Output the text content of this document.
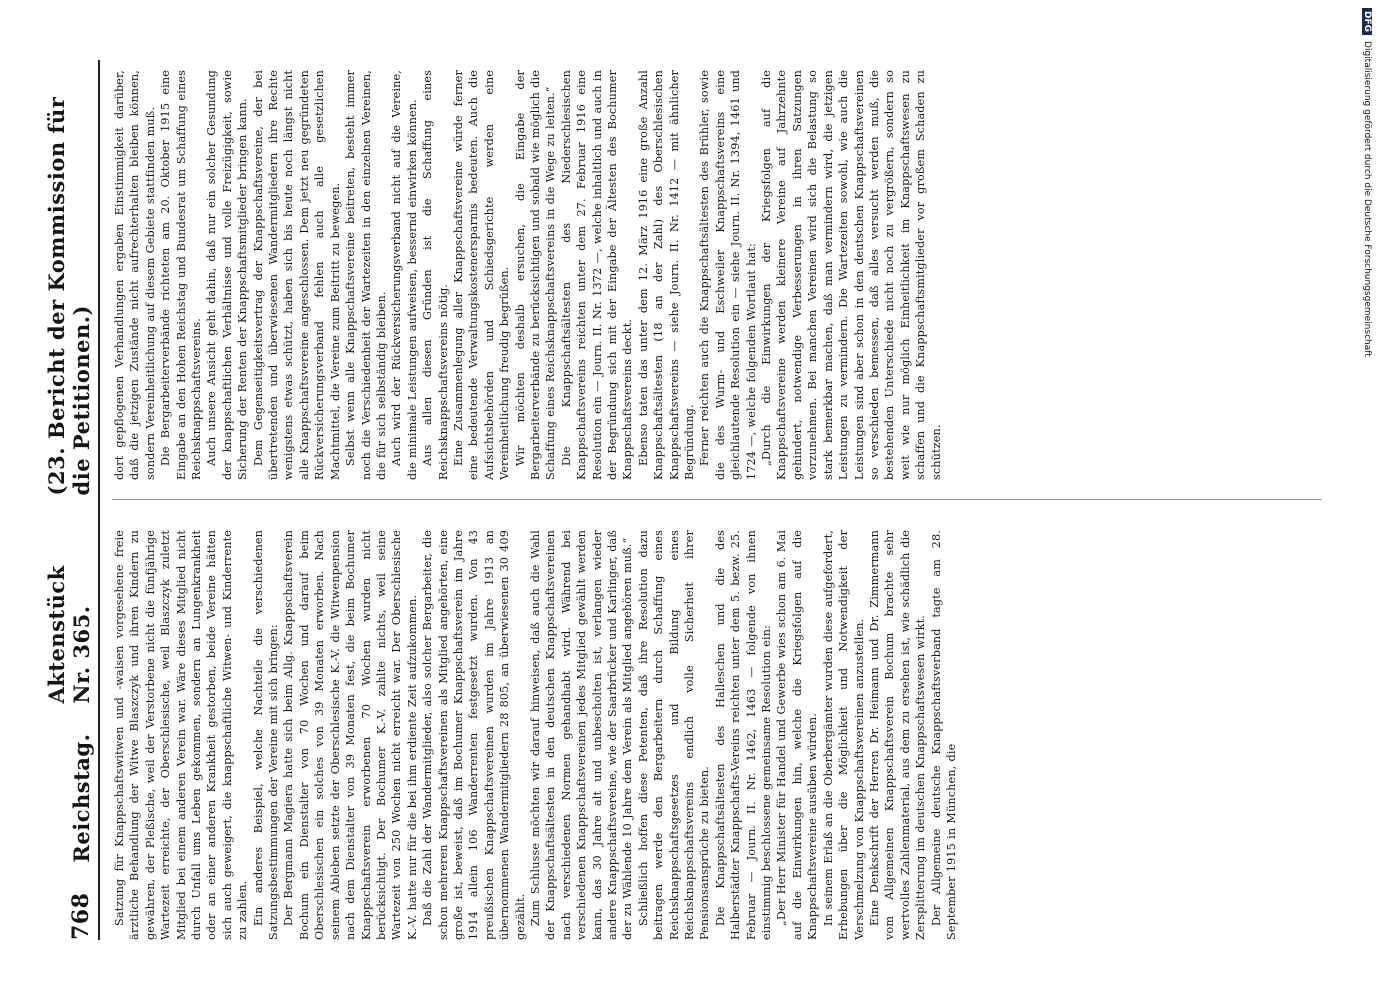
768
Reichstag.
Aktenstück Nr. 365.
(23. Bericht der Kommission für die Petitionen.)

Satzung für Knappschaftswitwen und -waisen vorgesehene freie ärztliche Behandlung der Witwe Blaszczyk und ihren Kindern zu gewähren, der Pleßische, weil der Verstorbene nicht die fünfjährige Wartezeit erreichte, der Oberschlesische, weil Blaszczyk zuletzt Mitglied bei einem anderen Verein war. Wäre dieses Mitglied nicht durch Unfall ums Leben gekommen, sondern an Lungenkrankheit oder an einer anderen Krankheit gestorben, beide Vereine hätten sich auch geweigert, die knappschaftliche Witwen- und Kinderrente zu zahlen. Ein anderes Beispiel, welche Nachteile die verschiedenen Satzungsbestimmungen der Vereine mit sich bringen: Der Bergmann Magiera hatte sich beim Allg. Knappschaftsverein Bochum ein Dienstalter von 70 Wochen und darauf beim Oberschlesischen ein solches von 39 Monaten erworben. Nach seinem Ableben setzte der Oberschlesische K.-V. die Witwenpension nach dem Dienstalter von 39 Monaten fest, die beim Bochumer Knappschaftsverein erworbenen 70 Wochen wurden nicht berücksichtigt. Der Bochumer K.-V. zahlte nichts, weil seine Wartezeit von 250 Wochen nicht erreicht war. Der Oberschlesische K.-V. hatte nur für die bei ihm erdiente Zeit aufzukommen. Daß die Zahl der Wandermitglieder, also solcher Bergarbeiter, die schon mehreren Knappschaftsvereinen als Mitglied angehörten, eine große ist, beweist, daß im Bochumer Knappschaftsverein im Jahre 1914 allein 106 Wanderrenten festgesetzt wurden. Von 43 preußischen Knappschaftsvereinen wurden im Jahre 1913 an übernommenen Wandermitgliedern 28 805, an überwiesenen 30 409 gezählt. Zum Schlusse möchten wir darauf hinweisen, daß auch die Wahl der Knappschaftsältesten in den deutschen Knappschaftsvereinen nach verschiedenen Normen gehandhabt wird. Während bei verschiedenen Knappschaftsvereinen jedes Mitglied gewählt werden kann, das 30 Jahre alt und unbescholten ist, verlangen wieder andere Knappschaftsvereine, wie der Saarbrücker und Karlinger, daß der zu Wählende 10 Jahre dem Verein als Mitglied angehören muß.“ Schließlich hoffen diese Petenten, daß ihre Resolution dazu beitragen werde den Bergarbeitern durch Schaffung eines Reichsknappschaftsgesetzes und Bildung eines Reichsknappschaftsvereins endlich volle Sicherheit ihrer Pensionsansprüche zu bieten. Die Knappschaftsältesten des Halleschen und die des Halberstädter Knappschafts-Vereins reichten unter dem 5. bezw. 25. Februar — Journ. II. Nr. 1462, 1463 — folgende von ihnen einstimmig beschlossene gemeinsame Resolution ein: „Der Herr Minister für Handel und Gewerbe wies schon am 6. Mai auf die Einwirkungen hin, welche die Kriegsfolgen auf die Knappschaftsvereine ausüben würden. In seinem Erlaß an die Oberbergämter wurden diese aufgefordert, Erhebungen über die Möglichkeit und Notwendigkeit der Verschmelzung von Knappschaftsvereinen anzustellen. Eine Denkschrift der Herren Dr. Heimann und Dr. Zimmermann vom Allgemeinen Knappschaftsverein Bochum brachte sehr wertvolles Zahlenmaterial, aus dem zu ersehen ist, wie schädlich die Zersplitterung im deutschen Knappschaftswesen wirkt. Der Allgemeine deutsche Knappschaftsverband tagte am 28. September 1915 in München, die

dort gepflogenen Verhandlungen ergaben Einstimmigkeit darüber, daß die jetzigen Zustände nicht aufrechterhalten bleiben können, sondern Vereinheitlichung auf diesem Gebiete stattfinden muß. Die Bergarbeiterverbände richteten am 20. Oktober 1915 eine Eingabe an den Hohen Reichstag und Bundesrat um Schaffung eines Reichsknappschaftsvereins. Auch unsere Ansicht geht dahin, daß nur ein solcher Gesundung der knappschaftlichen Verhältnisse und volle Freizügigkeit, sowie Sicherung der Renten der Knappschaftsmitglieder bringen kann. Dem Gegenseitigkeitsvertrag der Knappschaftsvereine, der bei übertretenden und überwiesenen Wandermitgliedern ihre Rechte wenigstens etwas schützt, haben sich bis heute noch längst nicht alle Knappschaftsvereine angeschlossen. Dem jetzt neu gegründeten Rückversicherungsverband fehlen auch alle gesetzlichen Machtmittel, die Vereine zum Beitritt zu bewegen. Selbst wenn alle Knappschaftsvereine beitreten, besteht immer noch die Verschiedenheit der Wartezeiten in den einzelnen Vereinen, die für sich selbständig bleiben. Auch wird der Rückversicherungsverband nicht auf die Vereine, die minimale Leistungen aufweisen, bessernd einwirken können. Aus allen diesen Gründen ist die Schaffung eines Reichsknappschaftsvereins nötig. Eine Zusammenlegung aller Knappschaftsvereine würde ferner eine bedeutende Verwaltungskostenersparnis bedeuten. Auch die Aufsichtsbehörden und Schiedsgerichte werden eine Vereinheitlichung freudig begrüßen. Wir möchten deshalb ersuchen, die Eingabe der Bergarbeiterverbände zu berücksichtigen und sobald wie möglich die Schaffung eines Reichsknappschaftsvereins in die Wege zu leiten.“ Die Knappschaftsältesten des Niederschlesischen Knappschaftsvereins reichten unter dem 27. Februar 1916 eine Resolution ein — Journ. II. Nr. 1372 —, welche inhaltlich und auch in der Begründung sich mit der Eingabe der Ältesten des Bochumer Knappschaftsvereins deckt. Ebenso taten das unter dem 12. März 1916 eine große Anzahl Knappschaftsältesten (18 an der Zahl) des Oberschlesischen Knappschaftsvereins — siehe Journ. II. Nr. 1412 — mit ähnlicher Begründung. Ferner reichten auch die Knappschaftsältesten des Brühler, sowie die des Wurm- und Eschweiler Knappschaftsvereins eine gleichlautende Resolution ein — siehe Journ. II. Nr. 1394, 1461 und 1724 —, welche folgenden Wortlaut hat: „Durch die Einwirkungen der Kriegsfolgen auf die Knappschaftsvereine werden kleinere Vereine auf Jahrzehnte gehindert, notwendige Verbesserungen in ihren Satzungen vorzunehmen. Bei manchen Vereinen wird sich die Belastung so stark bemerkbar machen, daß man vermindern wird, die jetzigen Leistungen zu vermindern. Die Wartezeiten sowohl, wie auch die Leistungen sind aber schon in den deutschen Knappschaftsvereinen so verschieden bemessen, daß alles versucht werden muß, die bestehenden Unterschiede nicht noch zu vergrößern, sondern so weit wie nur möglich Einheitlichkeit im Knappschaftswesen zu schaffen und die Knappschaftsmitglieder vor großem Schaden zu schützen.

DFGDigitalisierung gefördert durch die Deutsche Forschungsgemeinschaft
